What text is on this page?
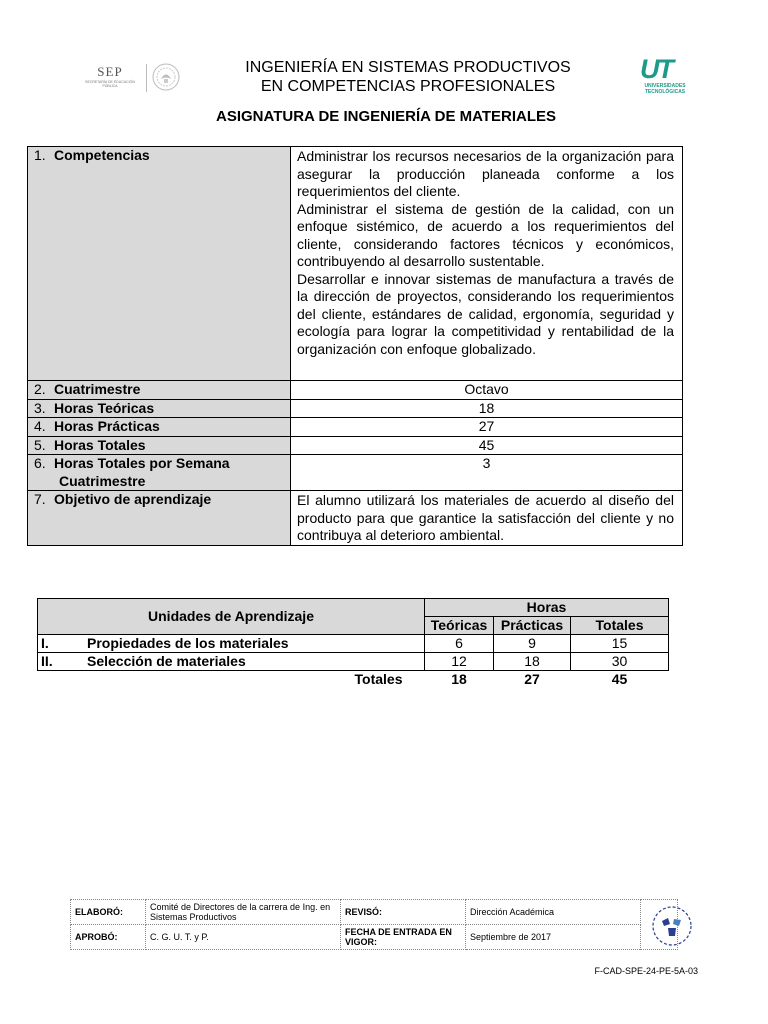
SEP
SECRETARÍA DE EDUCACIÓN PÚBLICA
INGENIERÍA EN SISTEMAS PRODUCTIVOS
EN COMPETENCIAS PROFESIONALES
UT
UNIVERSIDADES TECNOLÓGICAS
ASIGNATURA DE INGENIERÍA DE MATERIALES
1. Competencias	Administrar los recursos necesarios de la organización para asegurar la producción planeada conforme a los requerimientos del cliente.
Administrar el sistema de gestión de la calidad, con un enfoque sistémico, de acuerdo a los requerimientos del cliente, considerando factores técnicos y económicos, contribuyendo al desarrollo sustentable.
Desarrollar e innovar sistemas de manufactura a través de la dirección de proyectos, considerando los requerimientos del cliente, estándares de calidad, ergonomía, seguridad y ecología para lograr la competitividad y rentabilidad de la organización con enfoque globalizado.

2. Cuatrimestre	Octavo
3. Horas Teóricas	18
4. Horas Prácticas	27
5. Horas Totales	45
6. Horas Totales por Semana
Cuatrimestre	3
7. Objetivo de aprendizaje	El alumno utilizará los materiales de acuerdo al diseño del producto para que garantice la satisfacción del cliente y no contribuya al deterioro ambiental.
Unidades de Aprendizaje	Horas		
	Teóricas	Prácticas	Totales
I. Propiedades de los materiales	6	9	15
II. Selección de materiales	12	18	30
Totales	18	27	45
ELABORÓ:	Comité de Directores de la carrera de Ing. en Sistemas Productivos	REVISÓ:	Dirección Académica	
APROBÓ:	C. G. U. T. y P.	FECHA DE ENTRADA EN VIGOR:	Septiembre de 2017	
F-CAD-SPE-24-PE-5A-03
